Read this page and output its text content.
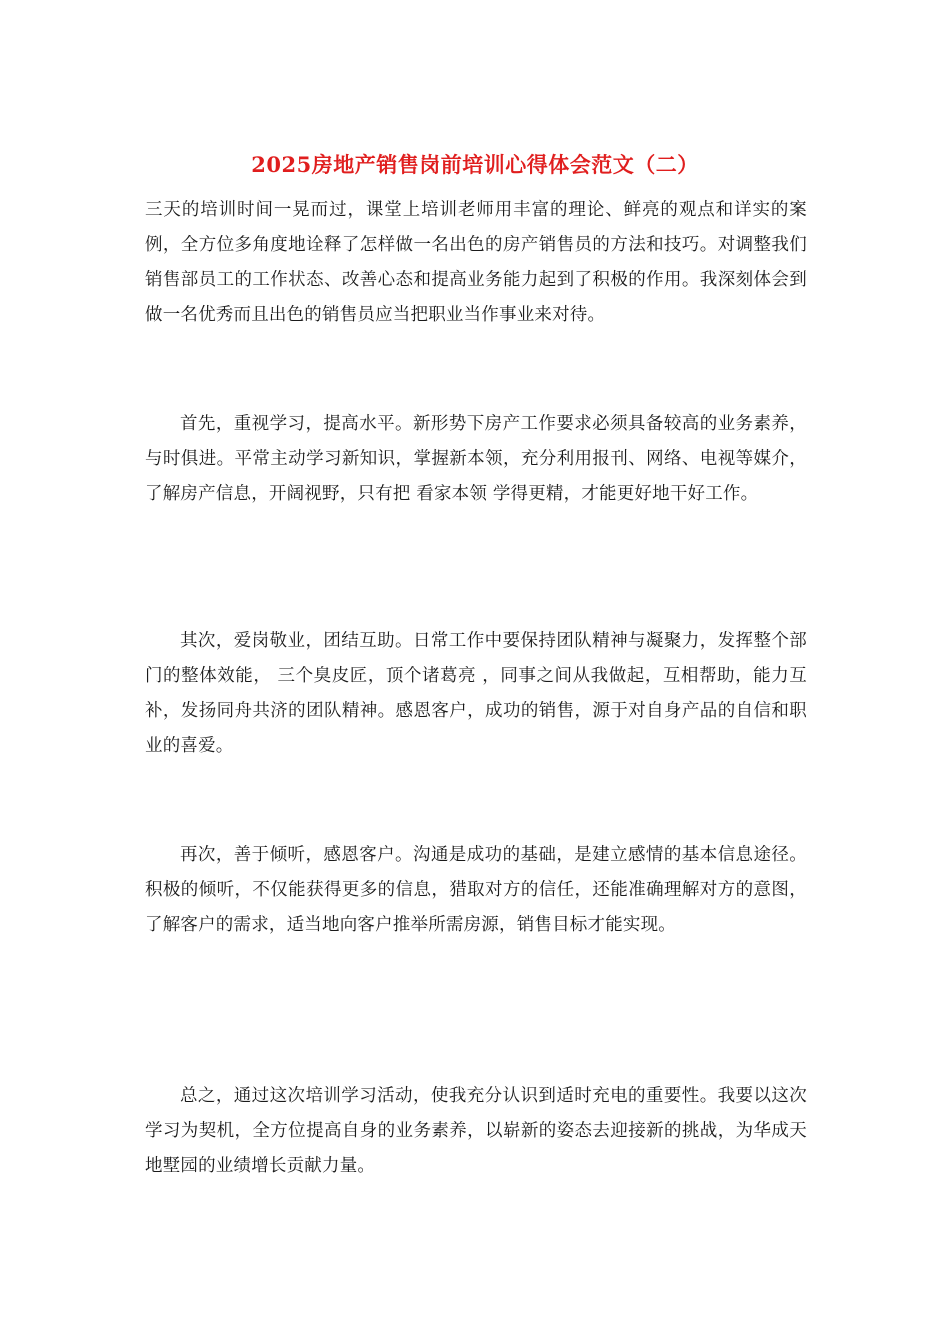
2025房地产销售岗前培训心得体会范文（二）

三天的培训时间一晃而过，课堂上培训老师用丰富的理论、鲜亮的观点和详实的案例，全方位多角度地诠释了怎样做一名出色的房产销售员的方法和技巧。对调整我们销售部员工的工作状态、改善心态和提高业务能力起到了积极的作用。我深刻体会到做一名优秀而且出色的销售员应当把职业当作事业来对待。

首先，重视学习，提高水平。新形势下房产工作要求必须具备较高的业务素养，与时俱进。平常主动学习新知识，掌握新本领，充分利用报刊、网络、电视等媒介，了解房产信息，开阔视野，只有把 看家本领 学得更精，才能更好地干好工作。

其次，爱岗敬业，团结互助。日常工作中要保持团队精神与凝聚力，发挥整个部门的整体效能， 三个臭皮匠，顶个诸葛亮 ，同事之间从我做起，互相帮助，能力互补，发扬同舟共济的团队精神。感恩客户，成功的销售，源于对自身产品的自信和职业的喜爱。

再次，善于倾听，感恩客户。沟通是成功的基础，是建立感情的基本信息途径。积极的倾听，不仅能获得更多的信息，猎取对方的信任，还能准确理解对方的意图，了解客户的需求，适当地向客户推举所需房源，销售目标才能实现。

总之，通过这次培训学习活动，使我充分认识到适时充电的重要性。我要以这次学习为契机，全方位提高自身的业务素养，以崭新的姿态去迎接新的挑战，为华成天地墅园的业绩增长贡献力量。
